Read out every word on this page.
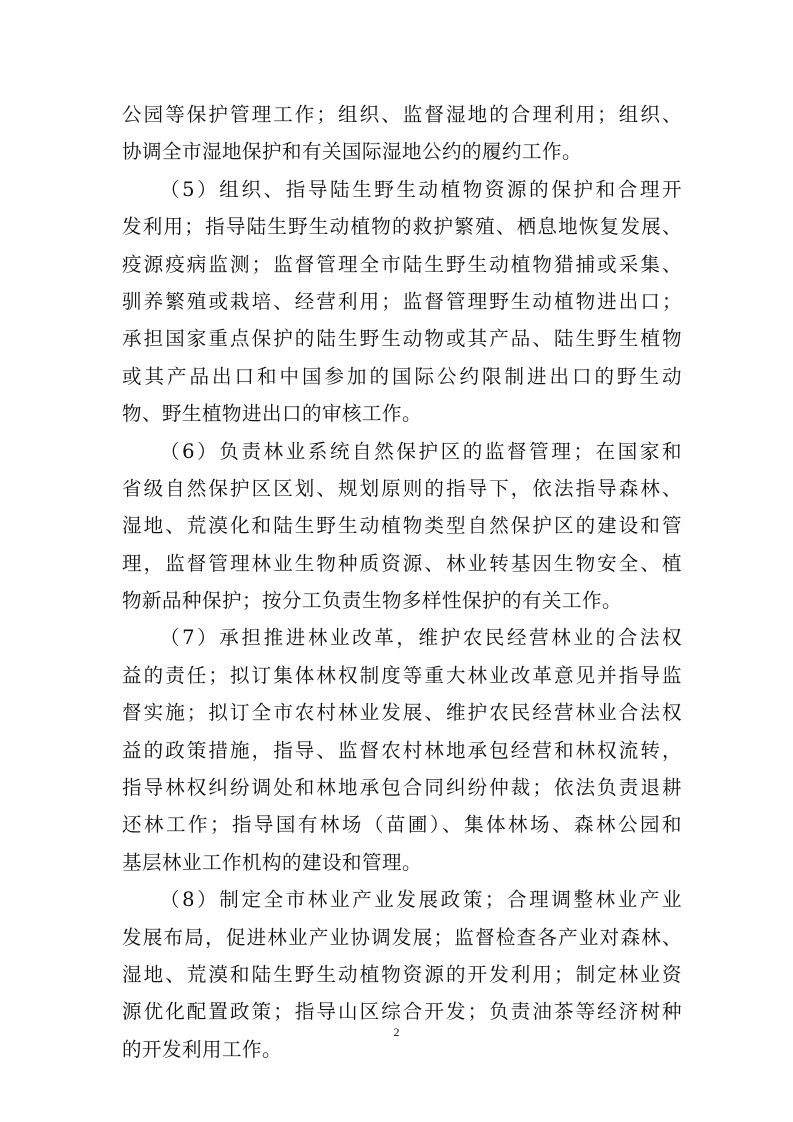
公园等保护管理工作；组织、监督湿地的合理利用；组织、
协调全市湿地保护和有关国际湿地公约的履约工作。
（5）组织、指导陆生野生动植物资源的保护和合理开
发利用；指导陆生野生动植物的救护繁殖、栖息地恢复发展、
疫源疫病监测；监督管理全市陆生野生动植物猎捕或采集、
驯养繁殖或栽培、经营利用；监督管理野生动植物进出口；
承担国家重点保护的陆生野生动物或其产品、陆生野生植物
或其产品出口和中国参加的国际公约限制进出口的野生动
物、野生植物进出口的审核工作。
（6）负责林业系统自然保护区的监督管理；在国家和
省级自然保护区区划、规划原则的指导下，依法指导森林、
湿地、荒漠化和陆生野生动植物类型自然保护区的建设和管
理，监督管理林业生物种质资源、林业转基因生物安全、植
物新品种保护；按分工负责生物多样性保护的有关工作。
（7）承担推进林业改革，维护农民经营林业的合法权
益的责任；拟订集体林权制度等重大林业改革意见并指导监
督实施；拟订全市农村林业发展、维护农民经营林业合法权
益的政策措施，指导、监督农村林地承包经营和林权流转，
指导林权纠纷调处和林地承包合同纠纷仲裁；依法负责退耕
还林工作；指导国有林场（苗圃）、集体林场、森林公园和
基层林业工作机构的建设和管理。
（8）制定全市林业产业发展政策；合理调整林业产业
发展布局，促进林业产业协调发展；监督检查各产业对森林、
湿地、荒漠和陆生野生动植物资源的开发利用；制定林业资
源优化配置政策；指导山区综合开发；负责油茶等经济树种
的开发利用工作。
2
